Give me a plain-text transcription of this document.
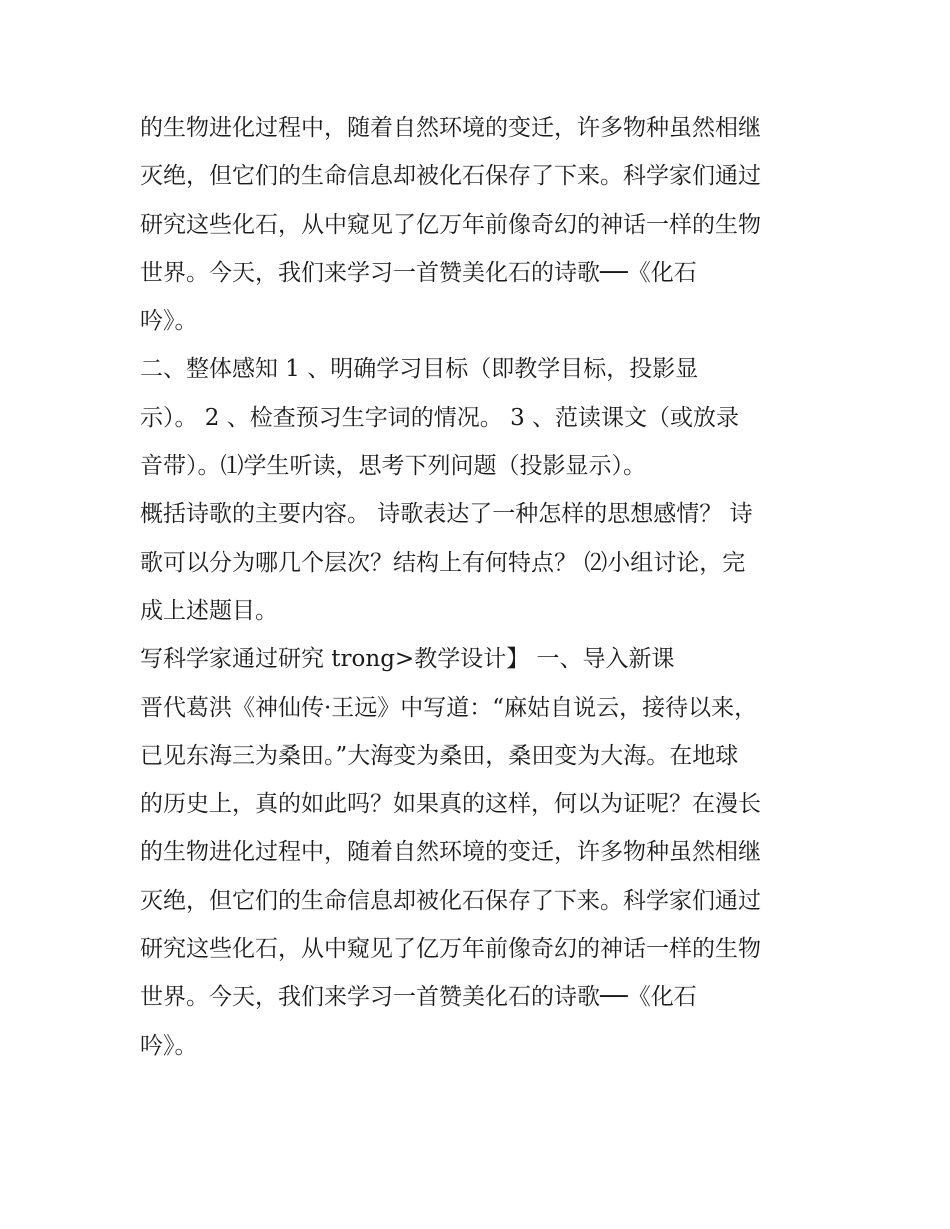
的生物进化过程中，随着自然环境的变迁，许多物种虽然相继
灭绝，但它们的生命信息却被化石保存了下来。科学家们通过
研究这些化石，从中窥见了亿万年前像奇幻的神话一样的生物
世界。今天，我们来学习一首赞美化石的诗歌──《化石
吟》。
二、整体感知 1 、明确学习目标（即教学目标，投影显
示）。 2 、检查预习生字词的情况。 3 、范读课文（或放录
音带）。⑴学生听读，思考下列问题（投影显示）。
概括诗歌的主要内容。 诗歌表达了一种怎样的思想感情？ 诗
歌可以分为哪几个层次？结构上有何特点？ ⑵小组讨论，完
成上述题目。
写科学家通过研究 trong>教学设计】 一、导入新课
晋代葛洪《神仙传·王远》中写道：“麻姑自说云，接待以来，
已见东海三为桑田。”大海变为桑田，桑田变为大海。在地球
的历史上，真的如此吗？如果真的这样，何以为证呢？在漫长
的生物进化过程中，随着自然环境的变迁，许多物种虽然相继
灭绝，但它们的生命信息却被化石保存了下来。科学家们通过
研究这些化石，从中窥见了亿万年前像奇幻的神话一样的生物
世界。今天，我们来学习一首赞美化石的诗歌──《化石
吟》。
